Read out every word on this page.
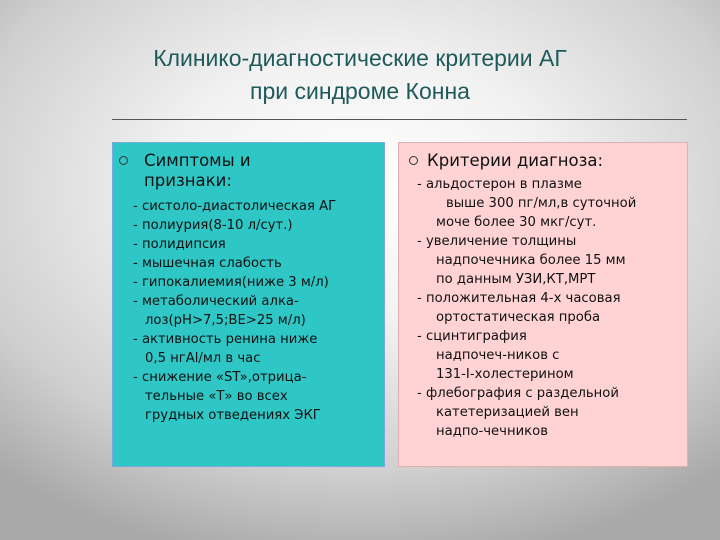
Клинико-диагностические критерии АГ
при синдроме Конна
Симптомы и
признаки:
- систоло-диастолическая АГ
- полиурия(8-10 л/сут.)
- полидипсия
- мышечная слабость
- гипокалиемия(ниже 3 м/л)
- метаболический алка-
лоз(рН>7,5;ВЕ>25 м/л)
- активность ренина ниже
0,5 нгАl/мл в час
- снижение «ST»,отрица-
тельные «Т» во всех
грудных отведениях ЭКГ
Критерии диагноза:
- альдостерон в плазме
выше 300 пг/мл,в суточной
моче более 30 мкг/сут.
- увеличение толщины
надпочечника более 15 мм
по данным УЗИ,КТ,МРТ
- положительная 4-х часовая
ортостатическая проба
- сцинтиграфия
надпочеч-ников с
131-I-холестерином
- флебография с раздельной
катетеризацией вен
надпо-чечников
